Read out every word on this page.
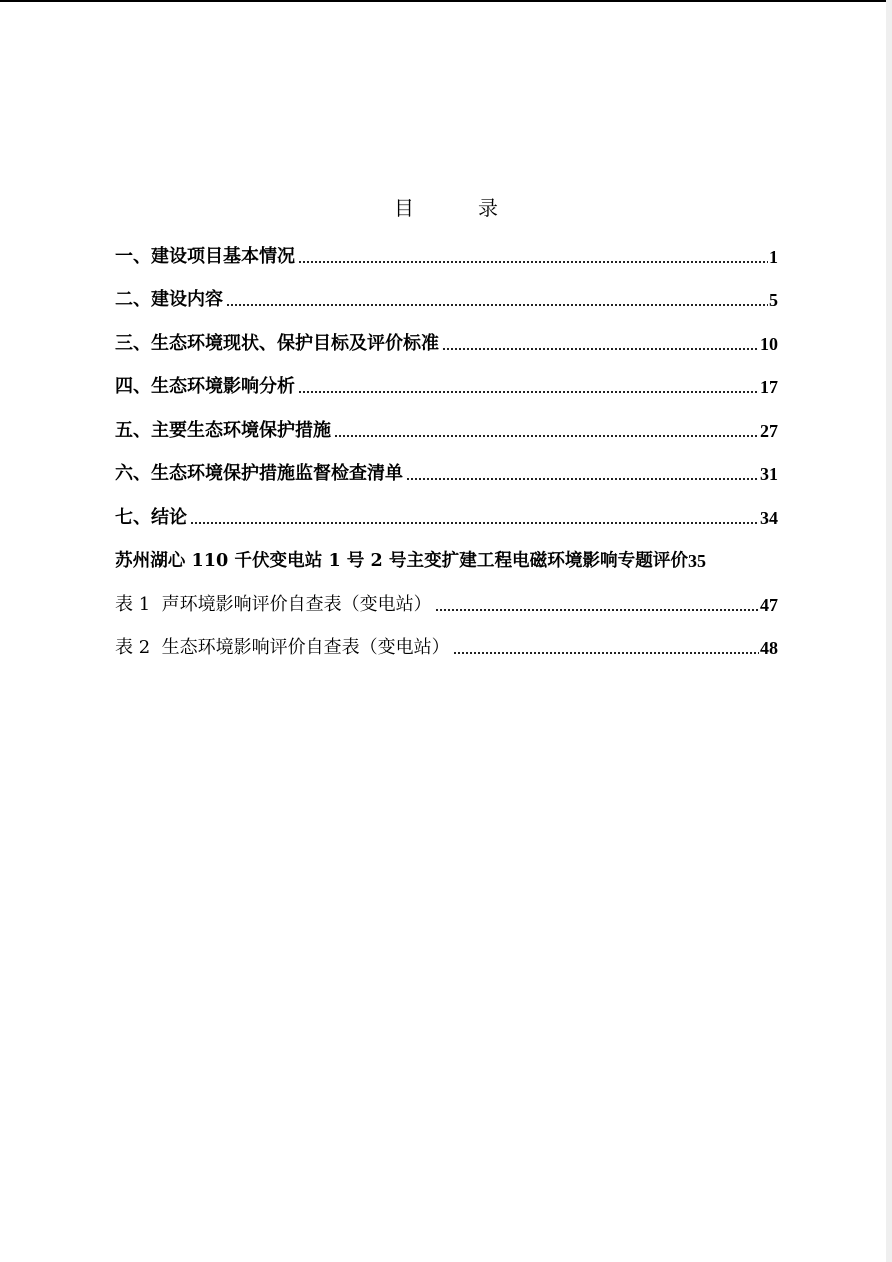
目　录
一、建设项目基本情况	1
二、建设内容	5
三、生态环境现状、保护目标及评价标准	10
四、生态环境影响分析	17
五、主要生态环境保护措施	27
六、生态环境保护措施监督检查清单	31
七、结论	34
苏州湖心 110 千伏变电站 1 号 2 号主变扩建工程电磁环境影响专题评价 35
表 1 声环境影响评价自查表（变电站）	47
表 2 生态环境影响评价自查表（变电站）	48
